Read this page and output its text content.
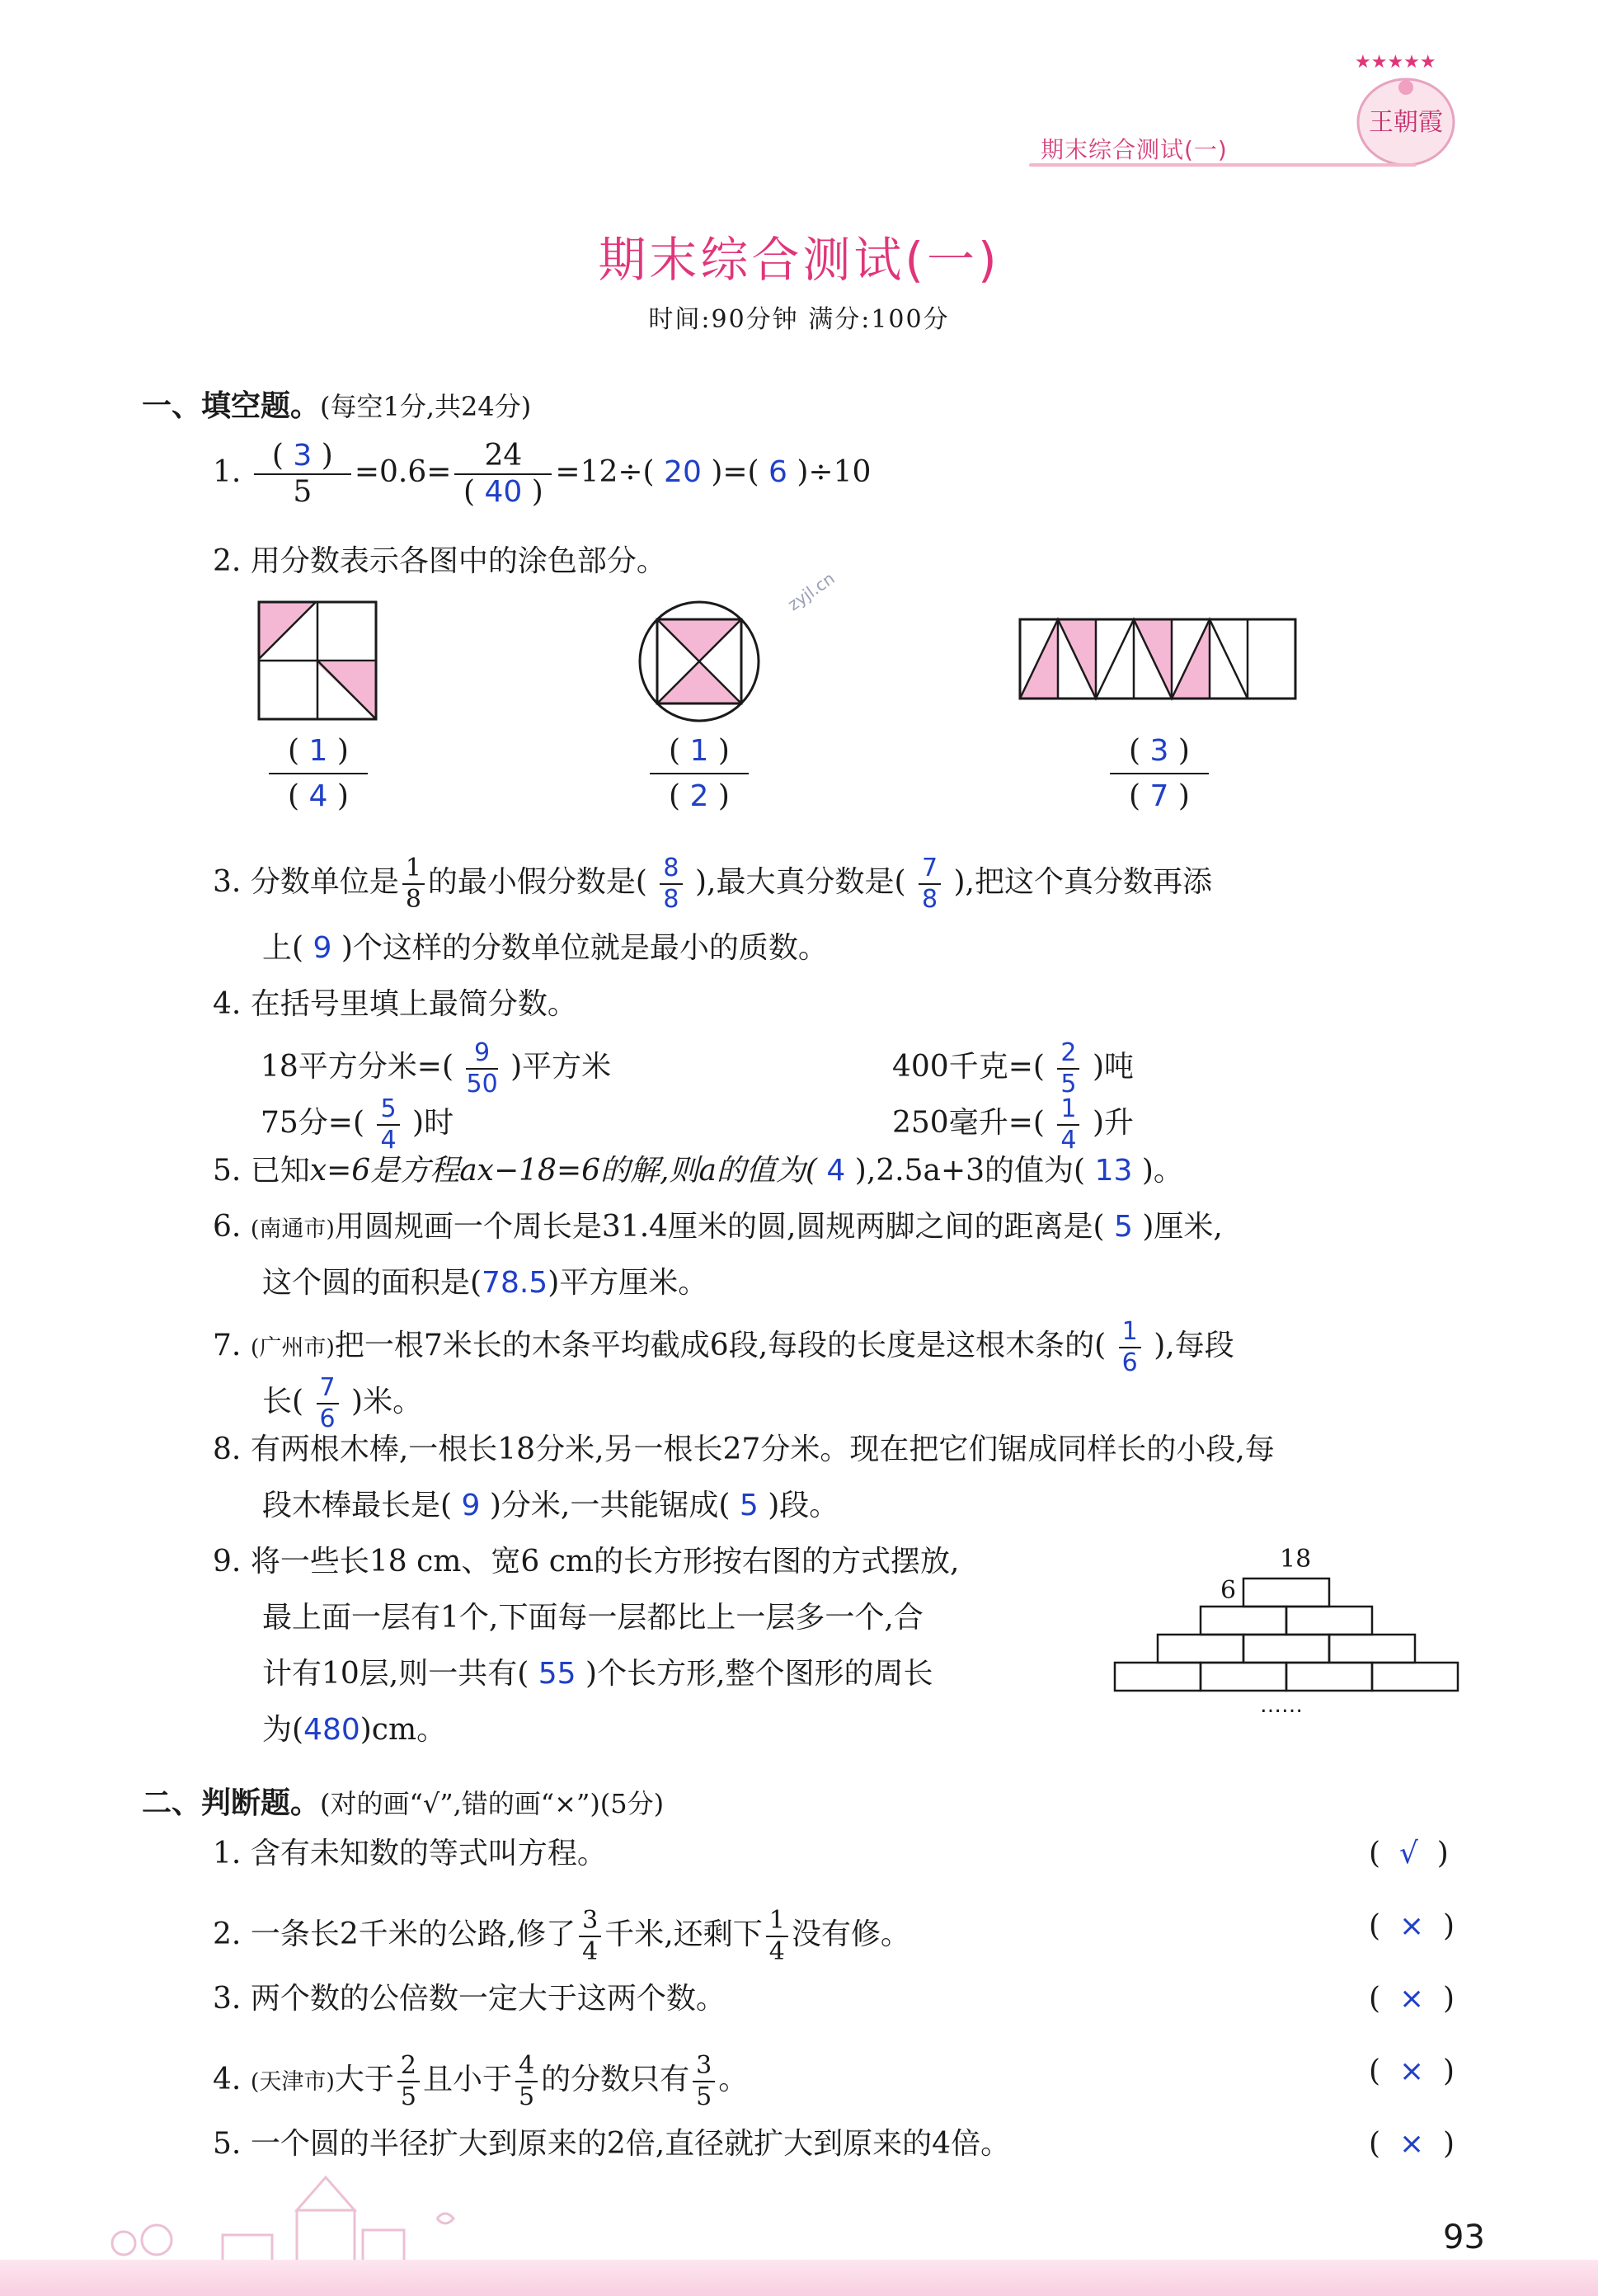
★★★★★
王朝霞
期末综合测试(一)
期末综合测试(一)
时间:90分钟 满分:100分
zyjl.cn
一、填空题。(每空1分,共24分)
1. $\frac{( 3 )}{5} =0.6= \frac{24}{( 40 )} =12\div$( 20 )=( 6 )÷10
2. 用分数表示各图中的涂色部分。
( 1 )
( 4 )
( 1 )
( 2 )
( 3 )
( 7 )
3. 分数单位是 $\frac{1}{8}$ 的最小假分数是( $\frac{8}{8}$ ),最大真分数是( $\frac{7}{8}$ ),把这个真分数再添
上( 9 )个这样的分数单位就是最小的质数。
4. 在括号里填上最简分数。
18平方分米=( $\frac{9}{50}$ )平方米	400千克=( $\frac{2}{5}$ )吨
75分=( $\frac{5}{4}$ )时	250毫升=( $\frac{1}{4}$ )升
5. 已知x=6是方程ax−18=6的解,则a的值为( 4 ),2.5a+3的值为( 13 )。
6. (南通市)用圆规画一个周长是31.4厘米的圆,圆规两脚之间的距离是( 5 )厘米,
这个圆的面积是(78.5)平方厘米。
7. (广州市)把一根7米长的木条平均截成6段,每段的长度是这根木条的( $\frac{1}{6}$ ),每段
长( $\frac{7}{6}$ )米。
8. 有两根木棒,一根长18分米,另一根长27分米。现在把它们锯成同样长的小段,每
段木棒最长是( 9 )分米,一共能锯成( 5 )段。
9. 将一些长18 cm、宽6 cm的长方形按右图的方式摆放,
最上面一层有1个,下面每一层都比上一层多一个,合
计有10层,则一共有( 55 )个长方形,整个图形的周长
为(480)cm。
18
6
……
二、判断题。(对的画“√”,错的画“×”)(5分)
1. 含有未知数的等式叫方程。	( √ )
2. 一条长2千米的公路,修了 $\frac{3}{4}$ 千米,还剩下 $\frac{1}{4}$ 没有修。	( × )
3. 两个数的公倍数一定大于这两个数。	( × )
4. (天津市)大于 $\frac{2}{5}$ 且小于 $\frac{4}{5}$ 的分数只有 $\frac{3}{5}$ 。	( × )
5. 一个圆的半径扩大到原来的2倍,直径就扩大到原来的4倍。	( × )
93
